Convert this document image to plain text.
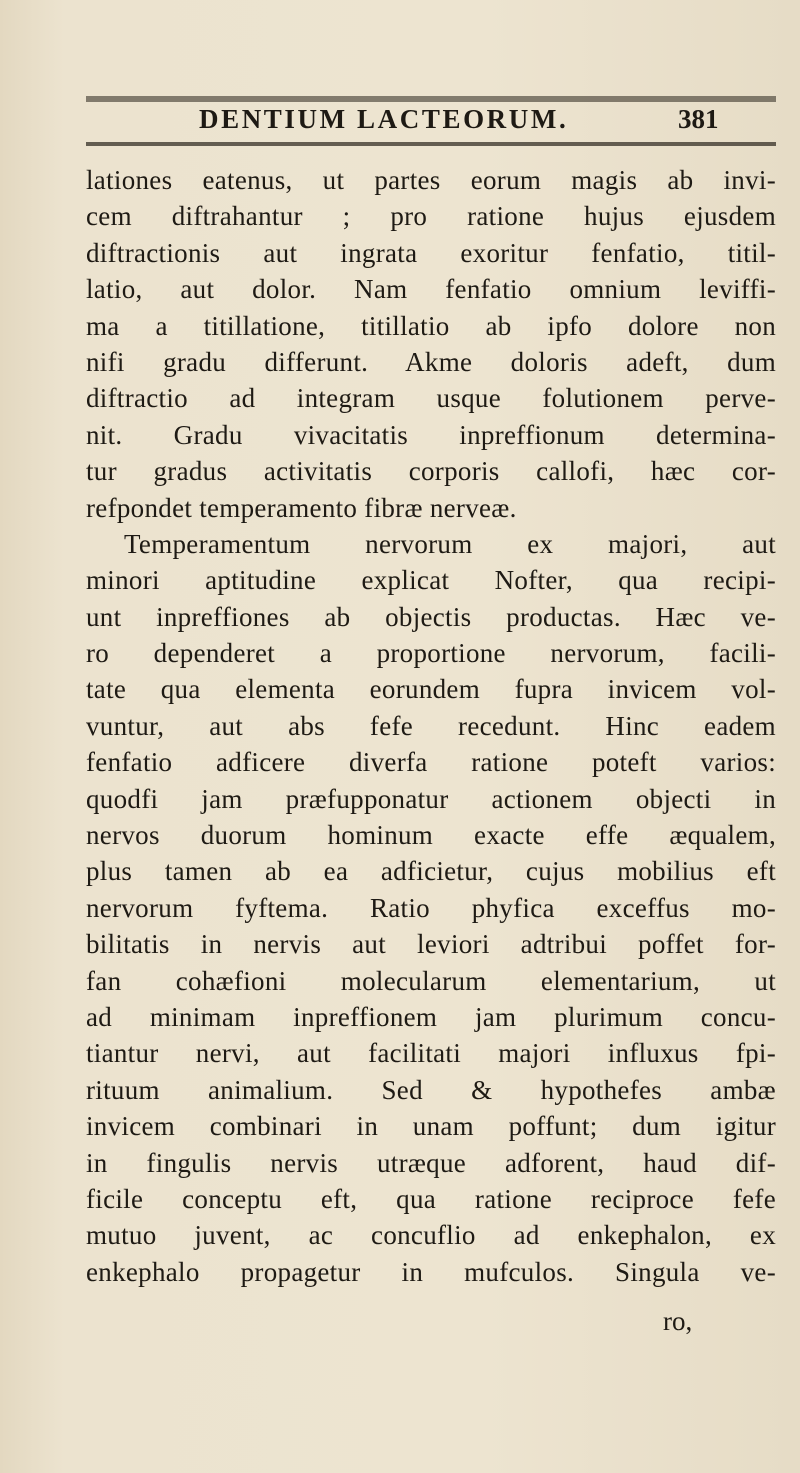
DENTIUM LACTEORUM.	381
lationes eatenus, ut partes eorum magis ab invi-
cem diftrahantur ; pro ratione hujus ejusdem
diftractionis aut ingrata exoritur fenfatio, titil-
latio, aut dolor. Nam fenfatio omnium leviffi-
ma a titillatione, titillatio ab ipfo dolore non
nifi gradu differunt. Akme doloris adeft, dum
diftractio ad integram usque folutionem perve-
nit. Gradu vivacitatis inpreffionum determina-
tur gradus activitatis corporis callofi, hæc cor-
refpondet temperamento fibræ nerveæ.
Temperamentum nervorum ex majori, aut
minori aptitudine explicat Nofter, qua recipi-
unt inpreffiones ab objectis productas. Hæc ve-
ro dependeret a proportione nervorum, facili-
tate qua elementa eorundem fupra invicem vol-
vuntur, aut abs fefe recedunt. Hinc eadem
fenfatio adficere diverfa ratione poteft varios:
quodfi jam præfupponatur actionem objecti in
nervos duorum hominum exacte effe æqualem,
plus tamen ab ea adficietur, cujus mobilius eft
nervorum fyftema. Ratio phyfica exceffus mo-
bilitatis in nervis aut leviori adtribui poffet for-
fan cohæfioni molecularum elementarium, ut
ad minimam inpreffionem jam plurimum concu-
tiantur nervi, aut facilitati majori influxus fpi-
rituum animalium. Sed & hypothefes ambæ
invicem combinari in unam poffunt; dum igitur
in fingulis nervis utræque adforent, haud dif-
ficile conceptu eft, qua ratione reciproce fefe
mutuo juvent, ac concuflio ad enkephalon, ex
enkephalo propagetur in mufculos. Singula ve-
ro,
